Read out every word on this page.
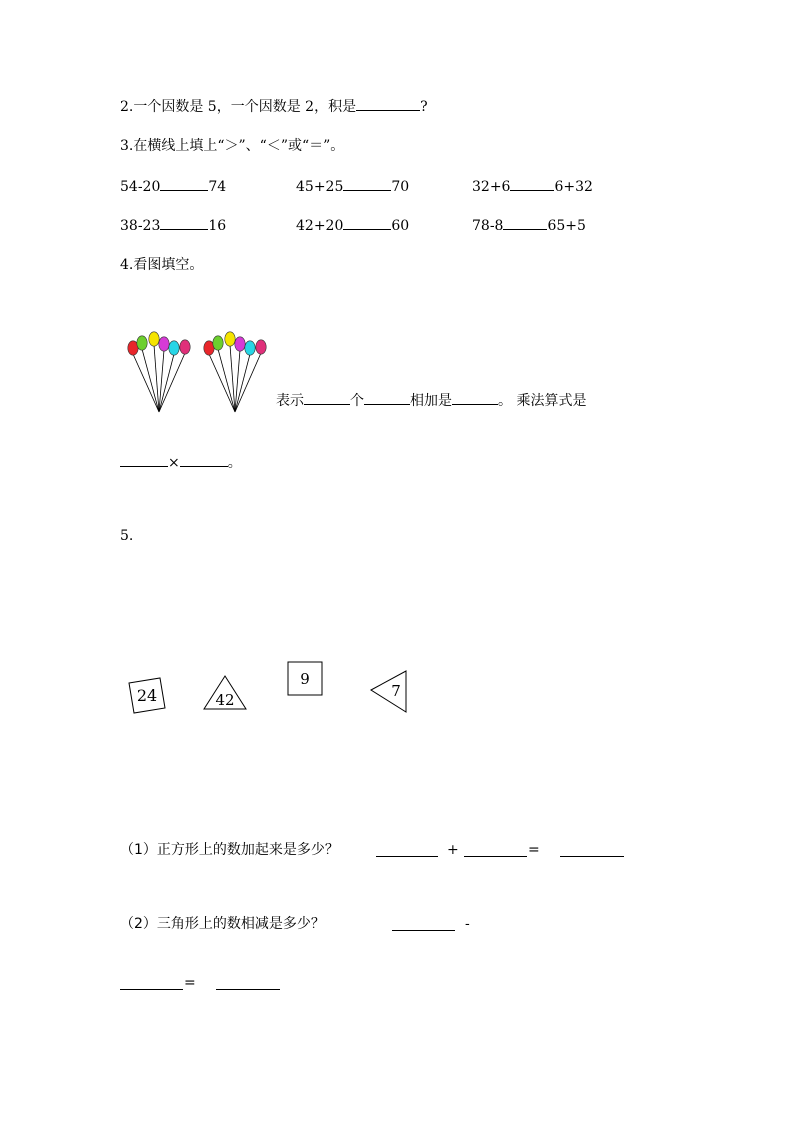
2.一个因数是 5，一个因数是 2，积是	?
3.在横线上填上“＞”、“＜”或“＝”。
54-20	74	45+25	70	32+6	6+32
38-23	16	42+20	60	78-8	65+5
4.看图填空。
表示	个	相加是	。 乘法算式是
×	。
5.
24	42
9
7
（1）正方形上的数加起来是多少？	+	=
（2）三角形上的数相减是多少？	-
=
